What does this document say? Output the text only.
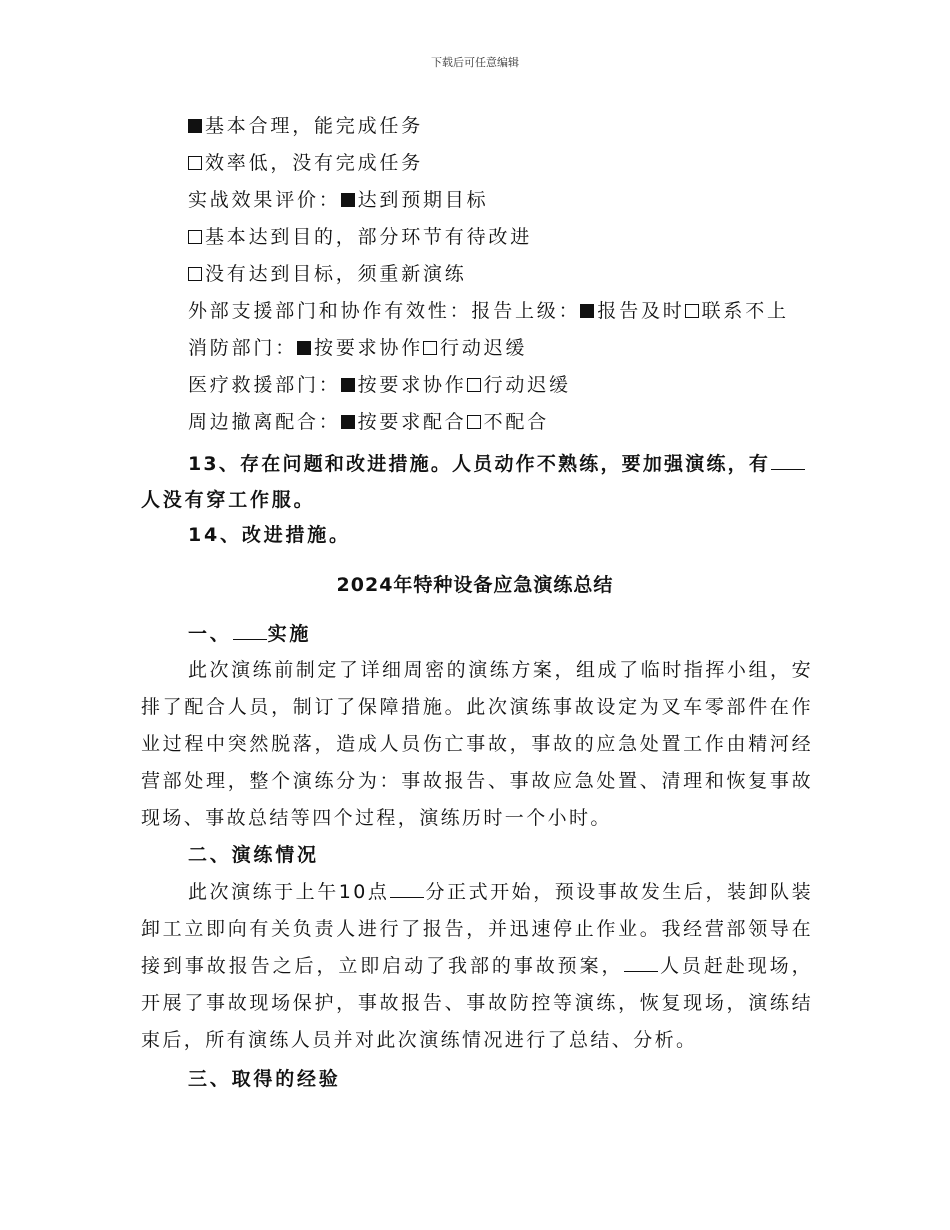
下载后可任意编辑
基本合理，能完成任务
效率低，没有完成任务
实战效果评价： 达到预期目标
基本达到目的，部分环节有待改进
没有达到目标，须重新演练
外部支援部门和协作有效性：报告上级： 报告及时 联系不上
消防部门： 按要求协作 行动迟缓
医疗救援部门： 按要求协作 行动迟缓
周边撤离配合： 按要求配合 不配合
13、存在问题和改进措施。人员动作不熟练，要加强演练，有
人没有穿工作服。
14、改进措施。
2024年特种设备应急演练总结
一、 实施

此次演练前制定了详细周密的演练方案，组成了临时指挥小组，安排了配合人员，制订了保障措施。此次演练事故设定为叉车零部件在作业过程中突然脱落，造成人员伤亡事故，事故的应急处置工作由精河经营部处理，整个演练分为：事故报告、事故应急处置、清理和恢复事故现场、事故总结等四个过程，演练历时一个小时。

二、演练情况

此次演练于上午10点 分正式开始，预设事故发生后，装卸队装卸工立即向有关负责人进行了报告，并迅速停止作业。我经营部领导在接到事故报告之后，立即启动了我部的事故预案， 人员赶赴现场，开展了事故现场保护，事故报告、事故防控等演练，恢复现场，演练结束后，所有演练人员并对此次演练情况进行了总结、分析。

三、取得的经验
